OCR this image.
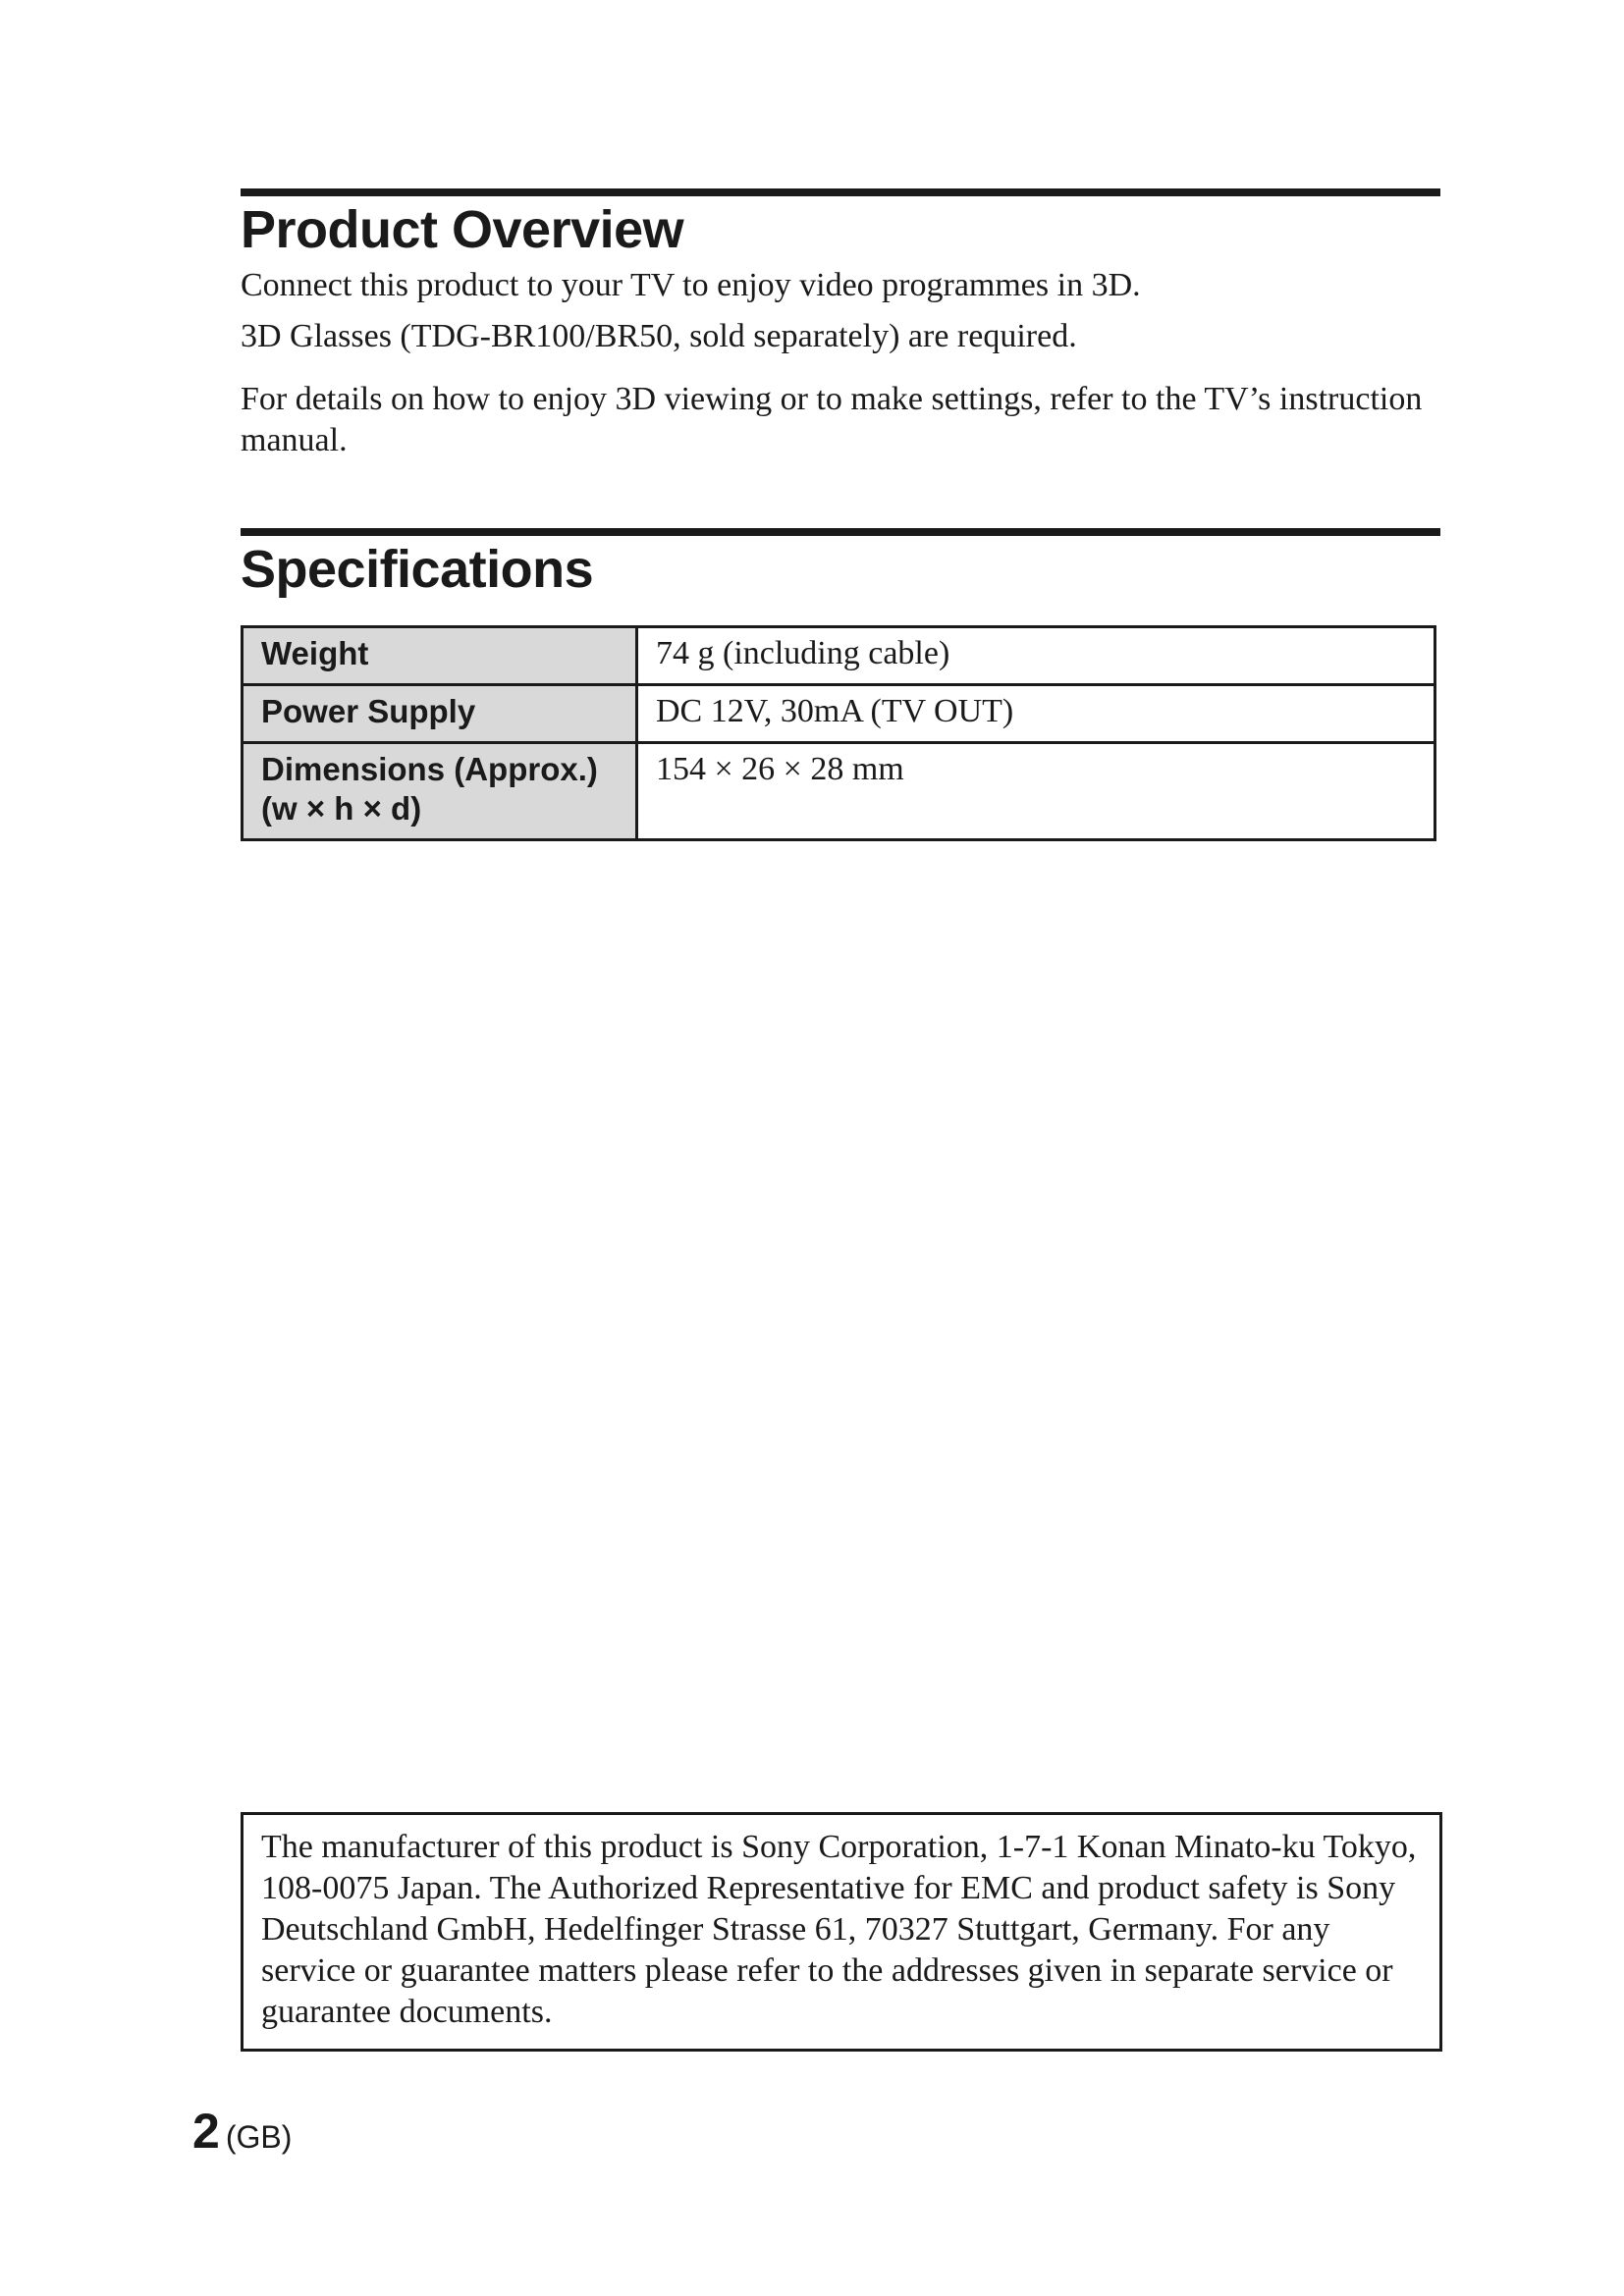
Product Overview

Connect this product to your TV to enjoy video programmes in 3D.

3D Glasses (TDG-BR100/BR50, sold separately) are required.

For details on how to enjoy 3D viewing or to make settings, refer to the TV’s instruction manual.

Specifications
Weight	74 g (including cable)
Power Supply	DC 12V, 30mA (TV OUT)
Dimensions (Approx.)
(w × h × d)	154 × 26 × 28 mm
The manufacturer of this product is Sony Corporation, 1-7-1 Konan Minato-ku Tokyo, 108-0075 Japan. The Authorized Representative for EMC and product safety is Sony Deutschland GmbH, Hedelfinger Strasse 61, 70327 Stuttgart, Germany. For any service or guarantee matters please refer to the addresses given in separate service or guarantee documents.
2 (GB)
